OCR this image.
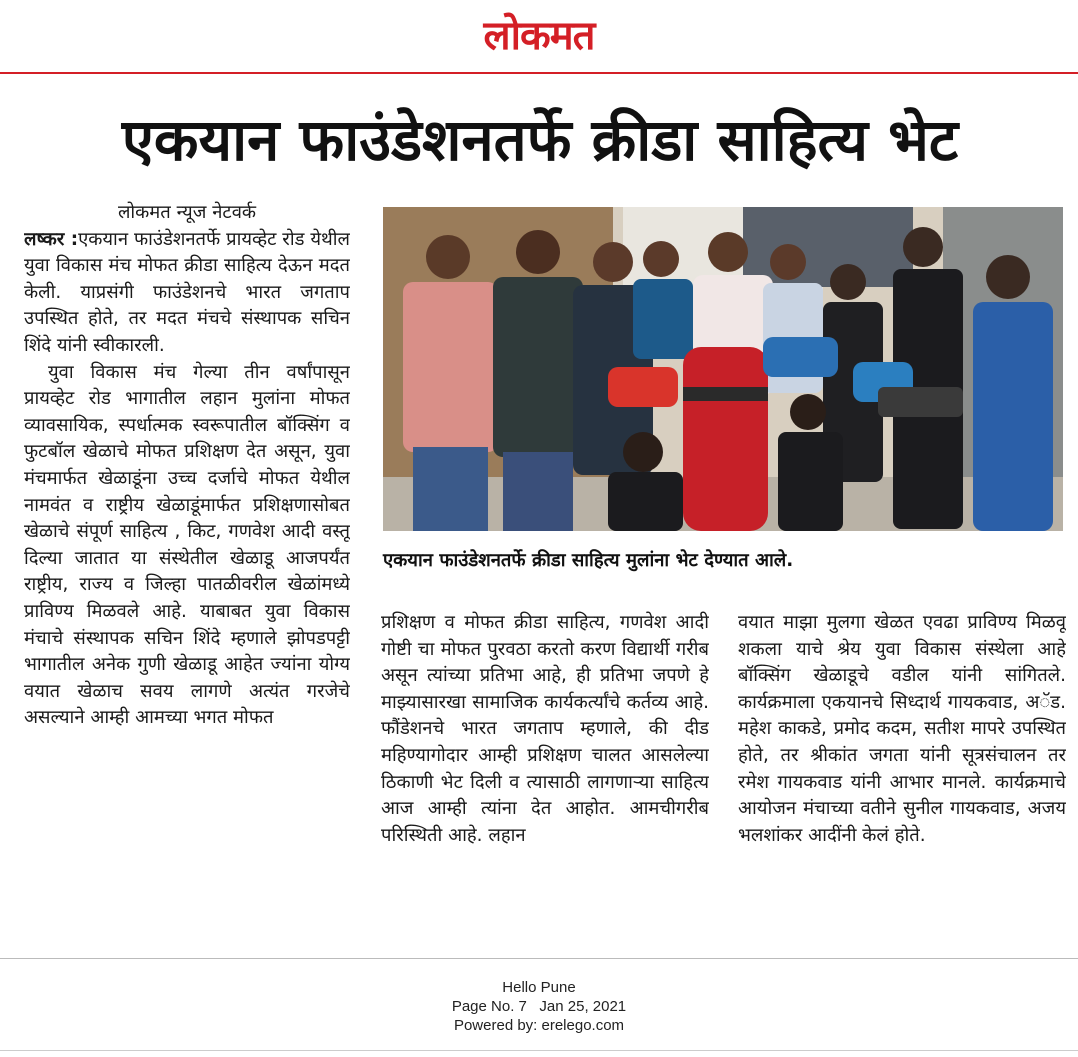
लोकमत
एकयान फाउंडेशनतर्फे क्रीडा साहित्य भेट

लोकमत न्यूज नेटवर्क

लष्कर :एकयान फाउंडेशनतर्फे प्रायव्हेट रोड येथील युवा विकास मंच मोफत क्रीडा साहित्य देऊन मदत केली. याप्रसंगी फाउंडेशनचे भारत जगताप उपस्थित होते, तर मदत मंचचे संस्थापक सचिन शिंदे यांनी स्वीकारली.

युवा विकास मंच गेल्या तीन वर्षांपासून प्रायव्हेट रोड भागातील लहान मुलांना मोफत व्यावसायिक, स्पर्धात्मक स्वरूपातील बॉक्सिंग व फुटबॉल खेळाचे मोफत प्रशिक्षण देत असून, युवा मंचमार्फत खेळाडूंना उच्च दर्जाचे मोफत येथील नामवंत व राष्ट्रीय खेळाडूंमार्फत प्रशिक्षणासोबत खेळाचे संपूर्ण साहित्य , किट, गणवेश आदी वस्तू दिल्या जातात या संस्थेतील खेळाडू आजपर्यंत राष्ट्रीय, राज्य व जिल्हा पातळीवरील खेळांमध्ये प्राविण्य मिळवले आहे. याबाबत युवा विकास मंचाचे संस्थापक सचिन शिंदे म्हणाले झोपडपट्टी भागातील अनेक गुणी खेळाडू आहेत ज्यांना योग्य वयात खेळाच सवय लागणे अत्यंत गरजेचे असल्याने आम्ही आमच्या भगत मोफत

एकयान फाउंडेशनतर्फे क्रीडा साहित्य मुलांना भेट देण्यात आले.

प्रशिक्षण व मोफत क्रीडा साहित्य, गणवेश आदी गोष्टी चा मोफत पुरवठा करतो करण विद्यार्थी गरीब असून त्यांच्या प्रतिभा आहे, ही प्रतिभा जपणे हे माझ्यासारखा सामाजिक कार्यकर्त्यांचे कर्तव्य आहे. फौंडेशनचे भारत जगताप म्हणाले, की दीड महिण्यागोदार आम्ही प्रशिक्षण चालत आसलेल्या ठिकाणी भेट दिली व त्यासाठी लागणाऱ्या साहित्य आज आम्ही त्यांना देत आहोत. आमचीगरीब परिस्थिती आहे. लहान

वयात माझा मुलगा खेळत एवढा प्राविण्य मिळवू शकला याचे श्रेय युवा विकास संस्थेला आहे बॉक्सिंग खेळाडूचे वडील यांनी सांगितले. कार्यक्रमाला एकयानचे सिध्दार्थ गायकवाड, अॅड. महेश काकडे, प्रमोद कदम, सतीश मापरे उपस्थित होते, तर श्रीकांत जगता यांनी सूत्रसंचालन तर रमेश गायकवाड यांनी आभार मानले. कार्यक्रमाचे आयोजन मंचाच्या वतीने सुनील गायकवाड, अजय भलशांकर आदींनी केलं होते.

Hello Pune
Page No. 7 Jan 25, 2021
Powered by: erelego.com
